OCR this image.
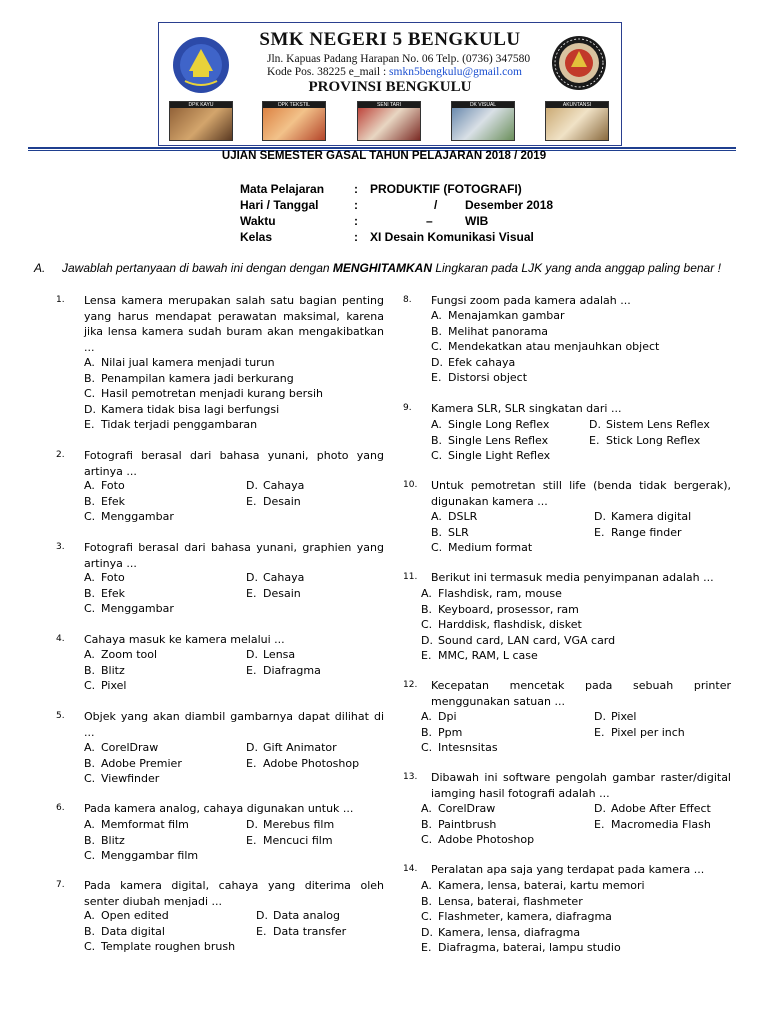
SMK NEGERI 5 BENGKULU
Jln. Kapuas Padang Harapan No. 06 Telp. (0736) 347580
Kode Pos. 38225 e_mail : smkn5bengkulu@gmail.com
PROVINSI BENGKULU
DPK KAYU	DPK TEKSTIL	SENI TARI	DK VISUAL	AKUNTANSI
UJIAN SEMESTER GASAL TAHUN PELAJARAN 2018 / 2019
Mata Pelajaran : PRODUKTIF (FOTOGRAFI)
Hari / Tanggal	:	/ Desember 2018
Waktu	:	–	WIB
Kelas	: XI Desain Komunikasi Visual
A. Jawablah pertanyaan di bawah ini dengan dengan MENGHITAMKAN Lingkaran pada LJK yang anda anggap paling benar !
1. Lensa kamera merupakan salah satu bagian penting yang harus mendapat perawatan maksimal, karena jika lensa kamera sudah buram akan mengakibatkan ...
A. Nilai jual kamera menjadi turun
B. Penampilan kamera jadi berkurang
C. Hasil pemotretan menjadi kurang bersih
D. Kamera tidak bisa lagi berfungsi
E. Tidak terjadi penggambaran
2. Fotografi berasal dari bahasa yunani, photo yang artinya ...
A. Foto	D. Cahaya
B. Efek	E. Desain
C. Menggambar
3. Fotografi berasal dari bahasa yunani, graphien yang artinya ...
A. Foto	D. Cahaya
B. Efek	E. Desain
C. Menggambar
4. Cahaya masuk ke kamera melalui ...
A. Zoom tool	D. Lensa
B. Blitz	E. Diafragma
C. Pixel
5. Objek yang akan diambil gambarnya dapat dilihat di ...
A. CorelDraw	D. Gift Animator
B. Adobe Premier	E. Adobe Photoshop
C. Viewfinder
6. Pada kamera analog, cahaya digunakan untuk ...
A. Memformat film	D. Merebus film
B. Blitz	E. Mencuci film
C. Menggambar film
7. Pada kamera digital, cahaya yang diterima oleh senter diubah menjadi ...
A. Open edited	D. Data analog
B. Data digital	E. Data transfer
C. Template roughen brush
8. Fungsi zoom pada kamera adalah ...
A. Menajamkan gambar
B. Melihat panorama
C. Mendekatkan atau menjauhkan object
D. Efek cahaya
E. Distorsi object
9. Kamera SLR, SLR singkatan dari ...
A. Single Long Reflex	D. Sistem Lens Reflex
B. Single Lens Reflex	E. Stick Long Reflex
C. Single Light Reflex
10. Untuk pemotretan still life (benda tidak bergerak), digunakan kamera ...
A. DSLR	D. Kamera digital
B. SLR	E. Range finder
C. Medium format
11. Berikut ini termasuk media penyimpanan adalah ...
A. Flashdisk, ram, mouse
B. Keyboard, prosessor, ram
C. Harddisk, flashdisk, disket
D. Sound card, LAN card, VGA card
E. MMC, RAM, L case
12. Kecepatan mencetak pada sebuah printer menggunakan satuan ...
A. Dpi	D. Pixel
B. Ppm	E. Pixel per inch
C. Intesnsitas
13. Dibawah ini software pengolah gambar raster/digital iamging hasil fotografi adalah ...
A. CorelDraw	D. Adobe After Effect
B. Paintbrush	E. Macromedia Flash
C. Adobe Photoshop
14. Peralatan apa saja yang terdapat pada kamera ...
A. Kamera, lensa, baterai, kartu memori
B. Lensa, baterai, flashmeter
C. Flashmeter, kamera, diafragma
D. Kamera, lensa, diafragma
E. Diafragma, baterai, lampu studio
